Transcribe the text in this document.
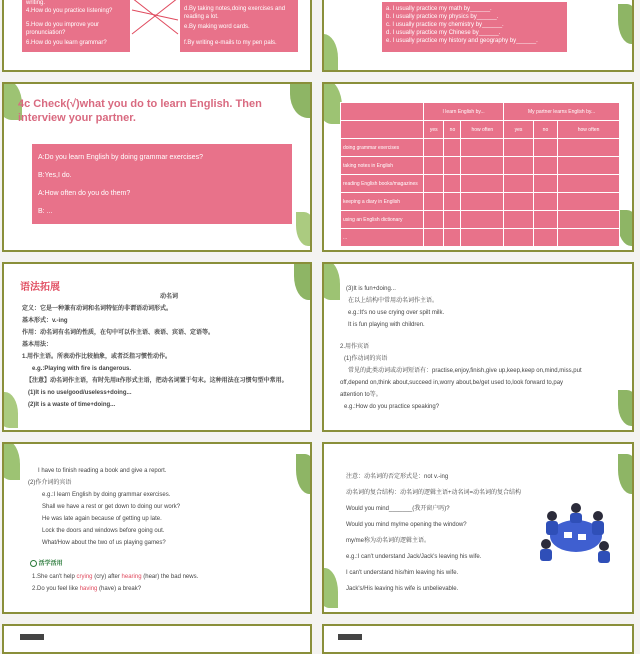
writing.
4.How do you practice listening?
5.How do you improve your pronunciation?
6.How do you learn grammar?
d.By taking notes,doing exercises and reading a lot.
e.By making word cards.
f.By writing e-mails to my pen pals.
a. I usually practice my math by______.
b. I usually practice my physics by______.
c. I usually practice my chemistry by______.
d. I usually practice my Chinese by______.
e. I usually practice my history and geography by______.
4c Check(√)what you do to learn English. Then interview your partner.
A:Do you learn English by doing grammar exercises?
B:Yes,I do.
A:How often do you do them?
B: ...
	I learn English by...			My partner learns English by...		
	yes	no	how often	yes	no	how often
doing grammar exercises						
taking notes in English						
reading English books/magazines						
keeping a diary in English						
using an English dictionary						
...						
语法拓展
动名词
定义：它是一种兼有动词和名词特征的非谓语动词形式。
基本形式：v.-ing
作用：动名词有名词的性质，在句中可以作主语、表语、宾语、定语等。
基本用法：
1.用作主语。所表动作比较抽象，或者泛指习惯性动作。
e.g.:Playing with fire is dangerous.
【注意】动名词作主语，有时先用it作形式主语，把动名词置于句末。这种用法在习惯句型中常用。
(1)It is no use/good/useless+doing...
(2)It is a waste of time+doing...
(3)It is fun+doing...
在以上结构中常用动名词作主语。
e.g.:It's no use crying over spilt milk.
It is fun playing with children.
2.用作宾语
(1)作动词的宾语
常见的此类动词或动词短语有：practise,enjoy,finish,give up,keep,keep on,mind,miss,put
off,depend on,think about,succeed in,worry about,be/get used to,look forward to,pay
attention to等。
e.g.:How do you practice speaking?
I have to finish reading a book and give a report.
(2)作介词的宾语
e.g.:I learn English by doing grammar exercises.
Shall we have a rest or get down to doing our work?
He was late again because of getting up late.
Lock the doors and windows before going out.
What/How about the two of us playing games?
活学活用
1.She can't help crying (cry) after hearing (hear) the bad news.
2.Do you feel like having (have) a break?
注意：动名词的否定形式是：not v.-ing
动名词的复合结构：动名词的逻辑主语+动名词=动名词的复合结构
Would you mind_______(我开窗户吗)?
Would you mind my/me opening the window?
my/me称为动名词的逻辑主语。
e.g.:I can't understand Jack/Jack's leaving his wife.
I can't understand his/him leaving his wife.
Jack's/His leaving his wife is unbelievable.
